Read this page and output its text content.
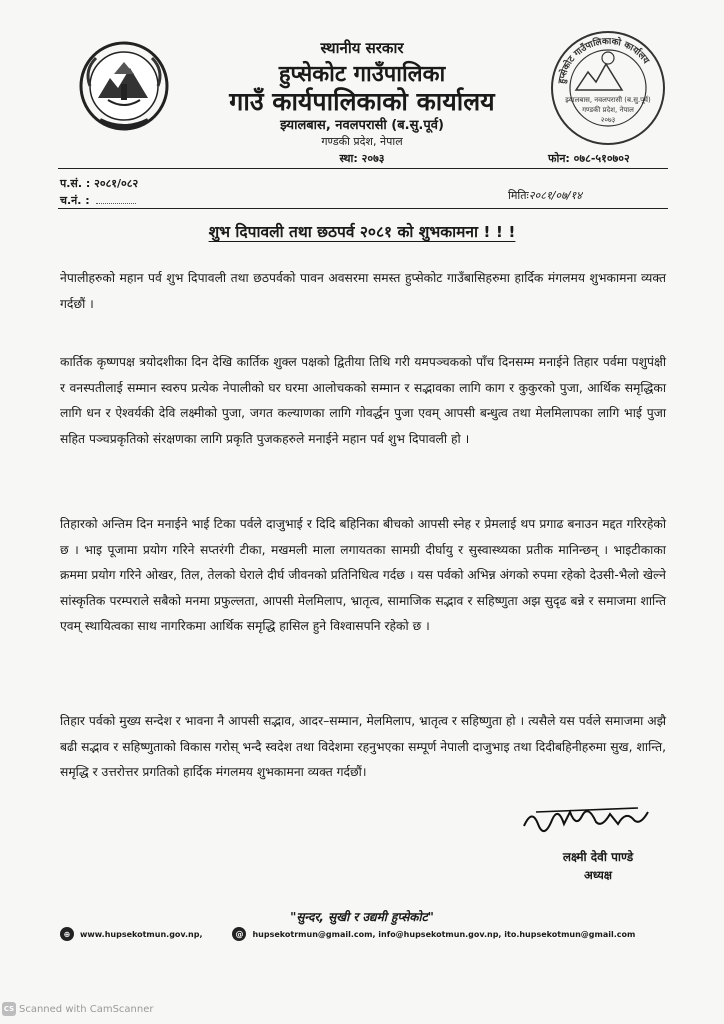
स्थानीय सरकार
हुप्सेकोट गाउँपालिका
गाउँ कार्यपालिकाको कार्यालय
झ्यालबास, नवलपरासी (ब.सु.पूर्व)
गण्डकी प्रदेश, नेपाल
स्था: २०७३
हुप्सेकोट गाउँपालिकाको कार्यालय
झ्यालबास, नवलपरासी (ब.सु.पूर्व)
गण्डकी प्रदेश, नेपाल
२०७३
फोन: ०७८-५१०७०२
प.सं. : २०८१/०८२
च.नं. :	मितिः२०८१/०७/१४
शुभ दिपावली तथा छठपर्व २०८१ को शुभकामना ! ! !

नेपालीहरुको महान पर्व शुभ दिपावली तथा छठपर्वको पावन अवसरमा समस्त हुप्सेकोट गाउँबासिहरुमा हार्दिक मंगलमय शुभकामना व्यक्त गर्दछौं ।

कार्तिक कृष्णपक्ष त्रयोदशीका दिन देखि कार्तिक शुक्ल पक्षको द्वितीया तिथि गरी यमपञ्चकको पाँच दिनसम्म मनाईने तिहार पर्वमा पशुपंक्षी र वनस्पतीलाई सम्मान स्वरुप प्रत्येक नेपालीको घर घरमा आलोचकको सम्मान र सद्भावका लागि काग र कुकुरको पुजा, आर्थिक समृद्धिका लागि धन र ऐश्वर्यकी देवि लक्ष्मीको पुजा, जगत कल्याणका लागि गोवर्द्धन पुजा एवम् आपसी बन्धुत्व तथा मेलमिलापका लागि भाई पुजा सहित पञ्चप्रकृतिको संरक्षणका लागि प्रकृति पुजकहरुले मनाईने महान पर्व शुभ दिपावली हो ।

तिहारको अन्तिम दिन मनाईने भाई टिका पर्वले दाजुभाई र दिदि बहिनिका बीचको आपसी स्नेह र प्रेमलाई थप प्रगाढ बनाउन मद्दत गरिरहेको छ । भाइ पूजामा प्रयोग गरिने सप्तरंगी टीका, मखमली माला लगायतका सामग्री दीर्घायु र सुस्वास्थ्यका प्रतीक मानिन्छन् । भाइटीकाका क्रममा प्रयोग गरिने ओखर, तिल, तेलको घेराले दीर्घ जीवनको प्रतिनिधित्व गर्दछ । यस पर्वको अभिन्न अंगको रुपमा रहेको देउसी-भैलो खेल्ने सांस्कृतिक परम्पराले सबैको मनमा प्रफुल्लता, आपसी मेलमिलाप, भ्रातृत्व, सामाजिक सद्भाव र सहिष्णुता अझ सुदृढ बन्ने र समाजमा शान्ति एवम् स्थायित्वका साथ नागरिकमा आर्थिक समृद्धि हासिल हुने विश्वासपनि रहेको छ ।

तिहार पर्वको मुख्य सन्देश र भावना नै आपसी सद्भाव, आदर–सम्मान, मेलमिलाप, भ्रातृत्व र सहिष्णुता हो । त्यसैले यस पर्वले समाजमा अझै बढी सद्भाव र सहिष्णुताको विकास गरोस् भन्दै स्वदेश तथा विदेशमा रहनुभएका सम्पूर्ण नेपाली दाजुभाइ तथा दिदीबहिनीहरुमा सुख, शान्ति, समृद्धि र उत्तरोत्तर प्रगतिको हार्दिक मंगलमय शुभकामना व्यक्त गर्दछौं।

लक्ष्मी देवी पाण्डे
अध्यक्ष
"सुन्दर, सुखी र उद्यमी हुप्सेकोट"
⊕	www.hupsekotmun.gov.np,	@	hupsekotrmun@gmail.com, info@hupsekotmun.gov.np, ito.hupsekotmun@gmail.com
CS Scanned with CamScanner
